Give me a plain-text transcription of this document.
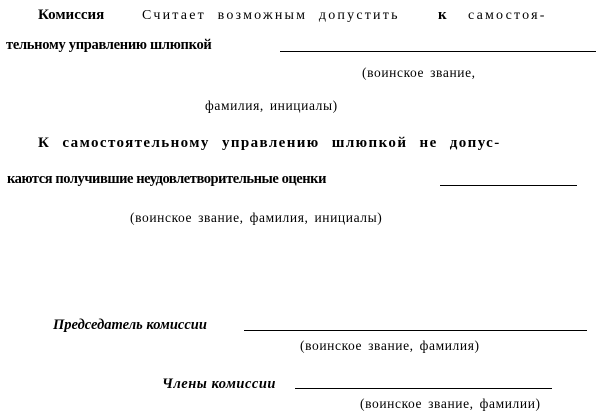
Комиссия	Считает возможным допустить	к самостоя-
тельному управлению шлюпкой
(воинское звание,
фамилия, инициалы)
К самостоятельному управлению шлюпкой не допус-
каются получившие неудовлетворительные оценки
(воинское звание, фамилия, инициалы)
Председатель комиссии
(воинское звание, фамилия)
Члены комиссии
(воинское звание, фамилии)
